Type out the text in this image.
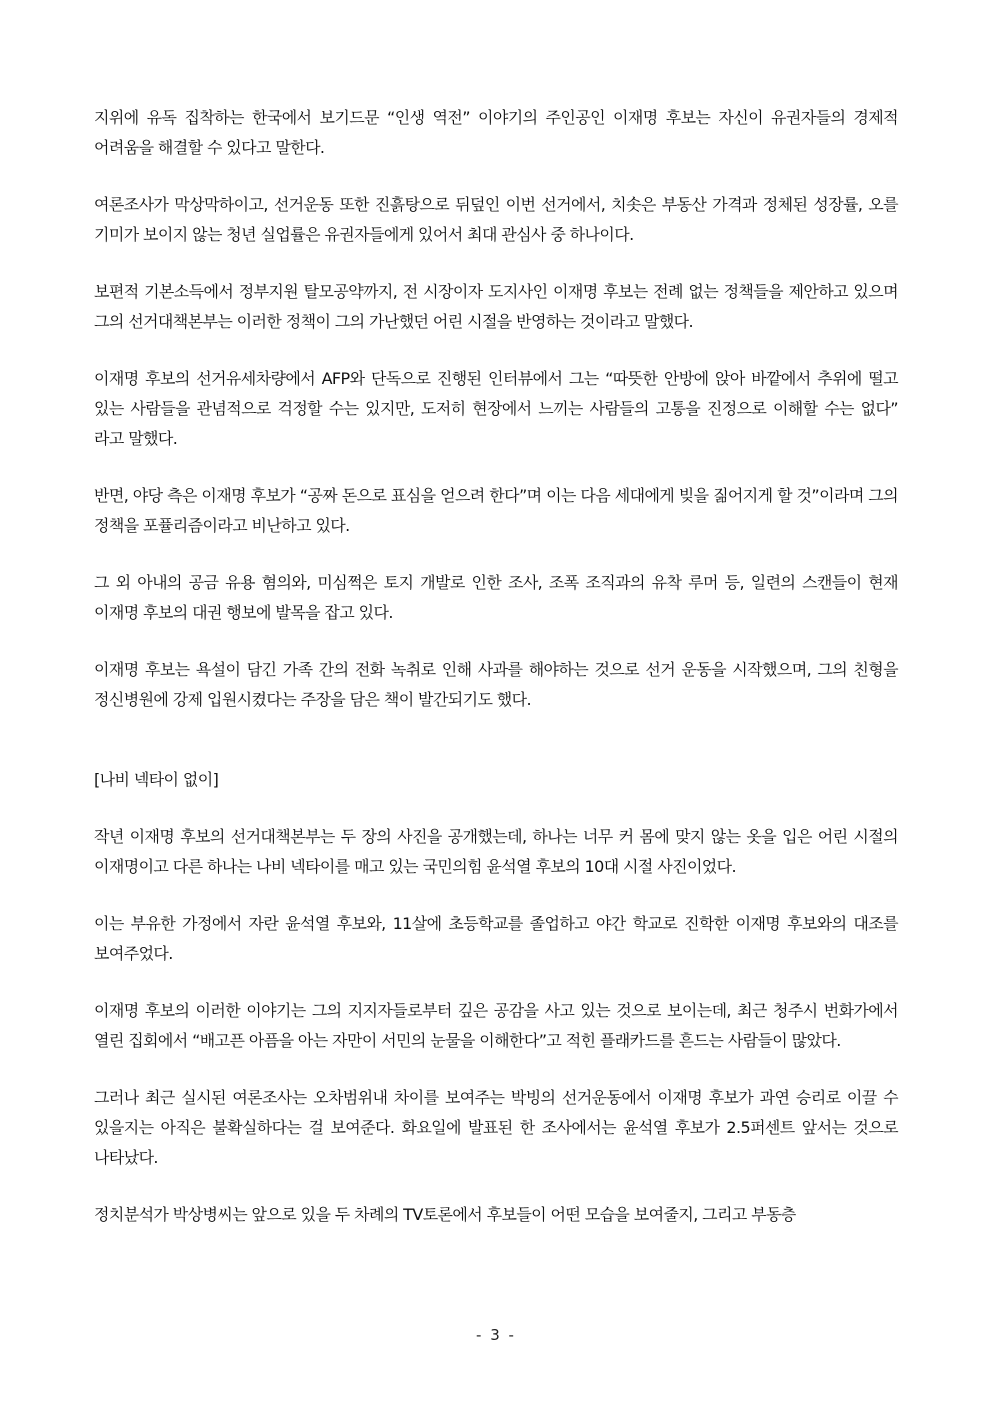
지위에 유독 집착하는 한국에서 보기드문 “인생 역전” 이야기의 주인공인 이재명 후보는 자신이 유권자들의 경제적 어려움을 해결할 수 있다고 말한다.

여론조사가 막상막하이고, 선거운동 또한 진흙탕으로 뒤덮인 이번 선거에서, 치솟은 부동산 가격과 정체된 성장률, 오를 기미가 보이지 않는 청년 실업률은 유권자들에게 있어서 최대 관심사 중 하나이다.

보편적 기본소득에서 정부지원 탈모공약까지, 전 시장이자 도지사인 이재명 후보는 전례 없는 정책들을 제안하고 있으며 그의 선거대책본부는 이러한 정책이 그의 가난했던 어린 시절을 반영하는 것이라고 말했다.

이재명 후보의 선거유세차량에서 AFP와 단독으로 진행된 인터뷰에서 그는 “따뜻한 안방에 앉아 바깥에서 추위에 떨고 있는 사람들을 관념적으로 걱정할 수는 있지만, 도저히 현장에서 느끼는 사람들의 고통을 진정으로 이해할 수는 없다” 라고 말했다.

반면, 야당 측은 이재명 후보가 “공짜 돈으로 표심을 얻으려 한다”며 이는 다음 세대에게 빚을 짊어지게 할 것”이라며 그의 정책을 포퓰리즘이라고 비난하고 있다.

그 외 아내의 공금 유용 혐의와, 미심쩍은 토지 개발로 인한 조사, 조폭 조직과의 유착 루머 등, 일련의 스캔들이 현재 이재명 후보의 대권 행보에 발목을 잡고 있다.

이재명 후보는 욕설이 담긴 가족 간의 전화 녹취로 인해 사과를 해야하는 것으로 선거 운동을 시작했으며, 그의 친형을 정신병원에 강제 입원시켰다는 주장을 담은 책이 발간되기도 했다.

[나비 넥타이 없이]

작년 이재명 후보의 선거대책본부는 두 장의 사진을 공개했는데, 하나는 너무 커 몸에 맞지 않는 옷을 입은 어린 시절의 이재명이고 다른 하나는 나비 넥타이를 매고 있는 국민의힘 윤석열 후보의 10대 시절 사진이었다.

이는 부유한 가정에서 자란 윤석열 후보와, 11살에 초등학교를 졸업하고 야간 학교로 진학한 이재명 후보와의 대조를 보여주었다.

이재명 후보의 이러한 이야기는 그의 지지자들로부터 깊은 공감을 사고 있는 것으로 보이는데, 최근 청주시 번화가에서 열린 집회에서 “배고픈 아픔을 아는 자만이 서민의 눈물을 이해한다”고 적힌 플래카드를 흔드는 사람들이 많았다.

그러나 최근 실시된 여론조사는 오차범위내 차이를 보여주는 박빙의 선거운동에서 이재명 후보가 과연 승리로 이끌 수 있을지는 아직은 불확실하다는 걸 보여준다. 화요일에 발표된 한 조사에서는 윤석열 후보가 2.5퍼센트 앞서는 것으로 나타났다.

정치분석가 박상병씨는 앞으로 있을 두 차례의 TV토론에서 후보들이 어떤 모습을 보여줄지, 그리고 부동층

- 3 -
